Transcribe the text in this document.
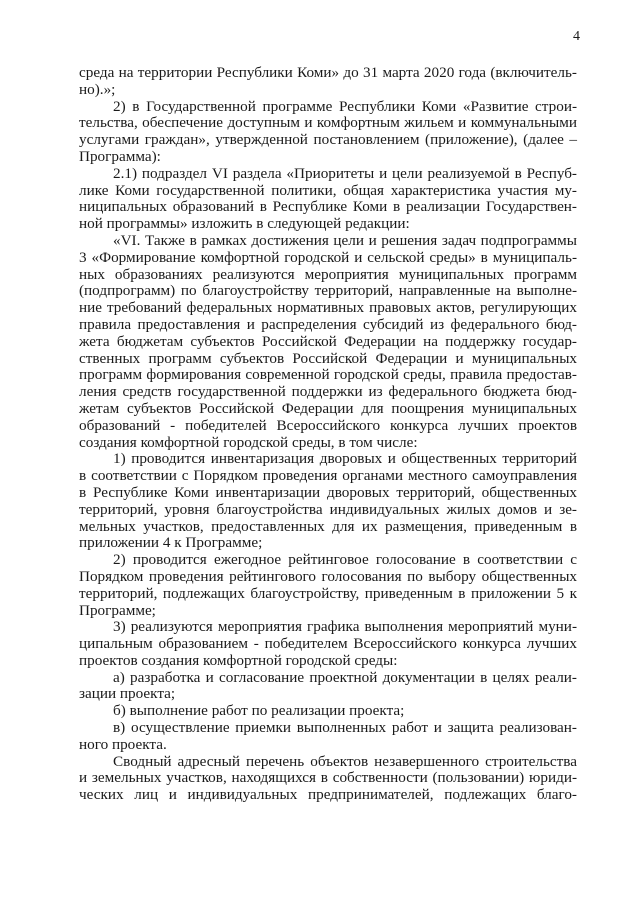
4
среда на территории Республики Коми» до 31 марта 2020 года (включитель-
но).»;
2) в Государственной программе Республики Коми «Развитие строи-
тельства, обеспечение доступным и комфортным жильем и коммунальными
услугами граждан», утвержденной постановлением (приложение), (далее –
Программа):
2.1) подраздел VI раздела «Приоритеты и цели реализуемой в Респуб-
лике Коми государственной политики, общая характеристика участия му-
ниципальных образований в Республике Коми в реализации Государствен-
ной программы» изложить в следующей редакции:
«VI. Также в рамках достижения цели и решения задач подпрограммы
3 «Формирование комфортной городской и сельской среды» в муниципаль-
ных образованиях реализуются мероприятия муниципальных программ
(подпрограмм) по благоустройству территорий, направленные на выполне-
ние требований федеральных нормативных правовых актов, регулирующих
правила предоставления и распределения субсидий из федерального бюд-
жета бюджетам субъектов Российской Федерации на поддержку государ-
ственных программ субъектов Российской Федерации и муниципальных
программ формирования современной городской среды, правила предостав-
ления средств государственной поддержки из федерального бюджета бюд-
жетам субъектов Российской Федерации для поощрения муниципальных
образований - победителей Всероссийского конкурса лучших проектов
создания комфортной городской среды, в том числе:
1) проводится инвентаризация дворовых и общественных территорий
в соответствии с Порядком проведения органами местного самоуправления
в Республике Коми инвентаризации дворовых территорий, общественных
территорий, уровня благоустройства индивидуальных жилых домов и зе-
мельных участков, предоставленных для их размещения, приведенным в
приложении 4 к Программе;
2) проводится ежегодное рейтинговое голосование в соответствии с
Порядком проведения рейтингового голосования по выбору общественных
территорий, подлежащих благоустройству, приведенным в приложении 5 к
Программе;
3) реализуются мероприятия графика выполнения мероприятий муни-
ципальным образованием - победителем Всероссийского конкурса лучших
проектов создания комфортной городской среды:
а) разработка и согласование проектной документации в целях реали-
зации проекта;
б) выполнение работ по реализации проекта;
в) осуществление приемки выполненных работ и защита реализован-
ного проекта.
Сводный адресный перечень объектов незавершенного строительства
и земельных участков, находящихся в собственности (пользовании) юриди-
ческих лиц и индивидуальных предпринимателей, подлежащих благо-
